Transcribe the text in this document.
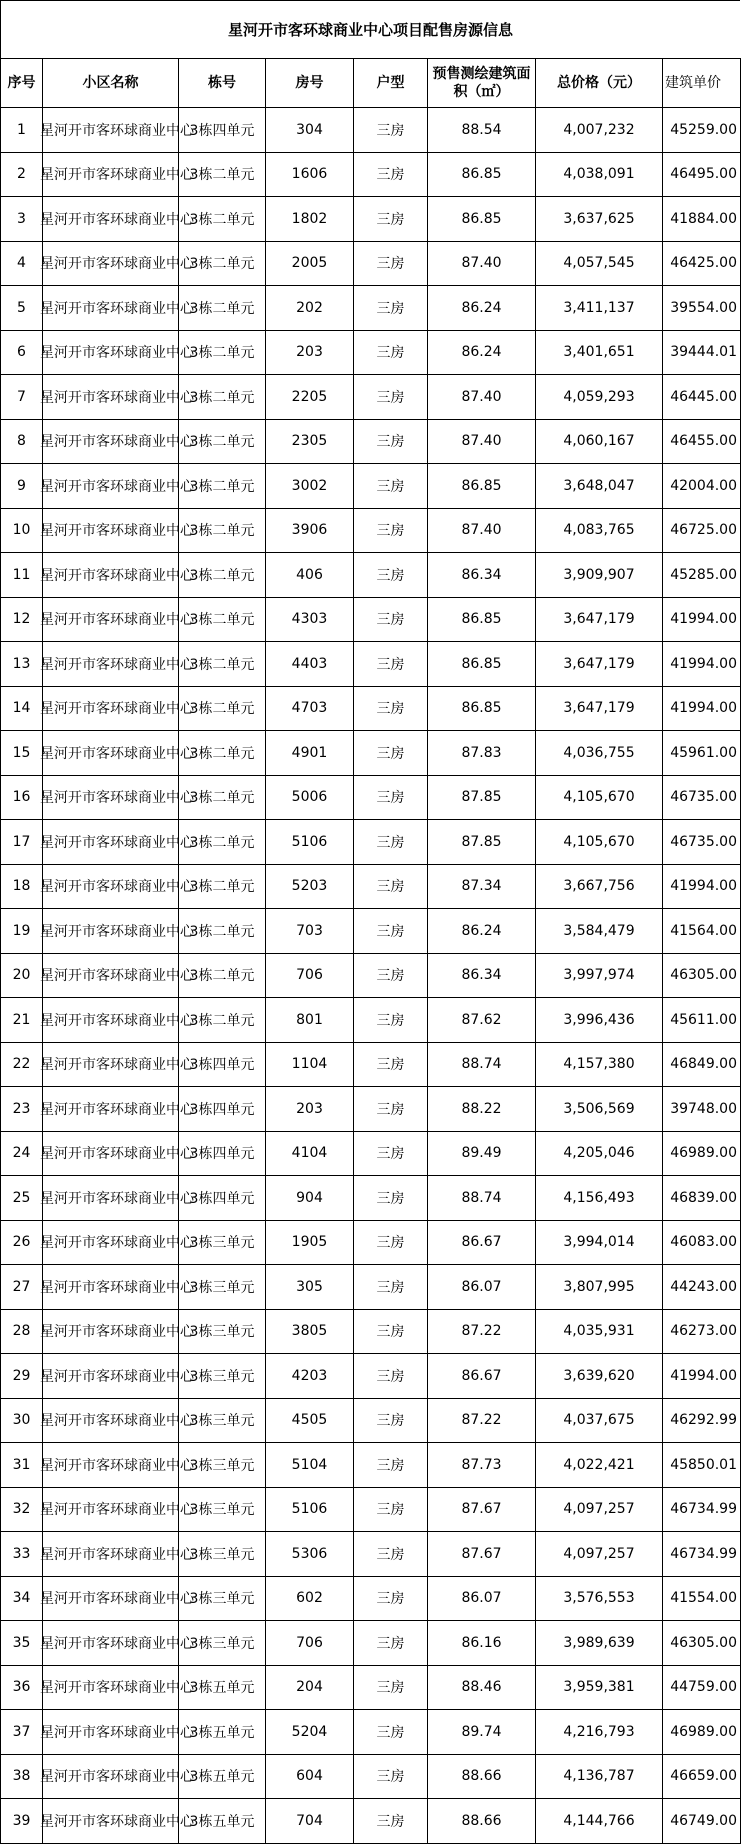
星河开市客环球商业中心项目配售房源信息
序号	小区名称	栋号	房号	户型	预售测绘建筑面积（㎡）	总价格（元）	建筑单价
1	星河开市客环球商业中心	3栋四单元	304	三房	88.54	4,007,232	45259.00
2	星河开市客环球商业中心	3栋二单元	1606	三房	86.85	4,038,091	46495.00
3	星河开市客环球商业中心	3栋二单元	1802	三房	86.85	3,637,625	41884.00
4	星河开市客环球商业中心	3栋二单元	2005	三房	87.40	4,057,545	46425.00
5	星河开市客环球商业中心	3栋二单元	202	三房	86.24	3,411,137	39554.00
6	星河开市客环球商业中心	3栋二单元	203	三房	86.24	3,401,651	39444.01
7	星河开市客环球商业中心	3栋二单元	2205	三房	87.40	4,059,293	46445.00
8	星河开市客环球商业中心	3栋二单元	2305	三房	87.40	4,060,167	46455.00
9	星河开市客环球商业中心	3栋二单元	3002	三房	86.85	3,648,047	42004.00
10	星河开市客环球商业中心	3栋二单元	3906	三房	87.40	4,083,765	46725.00
11	星河开市客环球商业中心	3栋二单元	406	三房	86.34	3,909,907	45285.00
12	星河开市客环球商业中心	3栋二单元	4303	三房	86.85	3,647,179	41994.00
13	星河开市客环球商业中心	3栋二单元	4403	三房	86.85	3,647,179	41994.00
14	星河开市客环球商业中心	3栋二单元	4703	三房	86.85	3,647,179	41994.00
15	星河开市客环球商业中心	3栋二单元	4901	三房	87.83	4,036,755	45961.00
16	星河开市客环球商业中心	3栋二单元	5006	三房	87.85	4,105,670	46735.00
17	星河开市客环球商业中心	3栋二单元	5106	三房	87.85	4,105,670	46735.00
18	星河开市客环球商业中心	3栋二单元	5203	三房	87.34	3,667,756	41994.00
19	星河开市客环球商业中心	3栋二单元	703	三房	86.24	3,584,479	41564.00
20	星河开市客环球商业中心	3栋二单元	706	三房	86.34	3,997,974	46305.00
21	星河开市客环球商业中心	3栋二单元	801	三房	87.62	3,996,436	45611.00
22	星河开市客环球商业中心	3栋四单元	1104	三房	88.74	4,157,380	46849.00
23	星河开市客环球商业中心	3栋四单元	203	三房	88.22	3,506,569	39748.00
24	星河开市客环球商业中心	3栋四单元	4104	三房	89.49	4,205,046	46989.00
25	星河开市客环球商业中心	3栋四单元	904	三房	88.74	4,156,493	46839.00
26	星河开市客环球商业中心	3栋三单元	1905	三房	86.67	3,994,014	46083.00
27	星河开市客环球商业中心	3栋三单元	305	三房	86.07	3,807,995	44243.00
28	星河开市客环球商业中心	3栋三单元	3805	三房	87.22	4,035,931	46273.00
29	星河开市客环球商业中心	3栋三单元	4203	三房	86.67	3,639,620	41994.00
30	星河开市客环球商业中心	3栋三单元	4505	三房	87.22	4,037,675	46292.99
31	星河开市客环球商业中心	3栋三单元	5104	三房	87.73	4,022,421	45850.01
32	星河开市客环球商业中心	3栋三单元	5106	三房	87.67	4,097,257	46734.99
33	星河开市客环球商业中心	3栋三单元	5306	三房	87.67	4,097,257	46734.99
34	星河开市客环球商业中心	3栋三单元	602	三房	86.07	3,576,553	41554.00
35	星河开市客环球商业中心	3栋三单元	706	三房	86.16	3,989,639	46305.00
36	星河开市客环球商业中心	3栋五单元	204	三房	88.46	3,959,381	44759.00
37	星河开市客环球商业中心	3栋五单元	5204	三房	89.74	4,216,793	46989.00
38	星河开市客环球商业中心	3栋五单元	604	三房	88.66	4,136,787	46659.00
39	星河开市客环球商业中心	3栋五单元	704	三房	88.66	4,144,766	46749.00
